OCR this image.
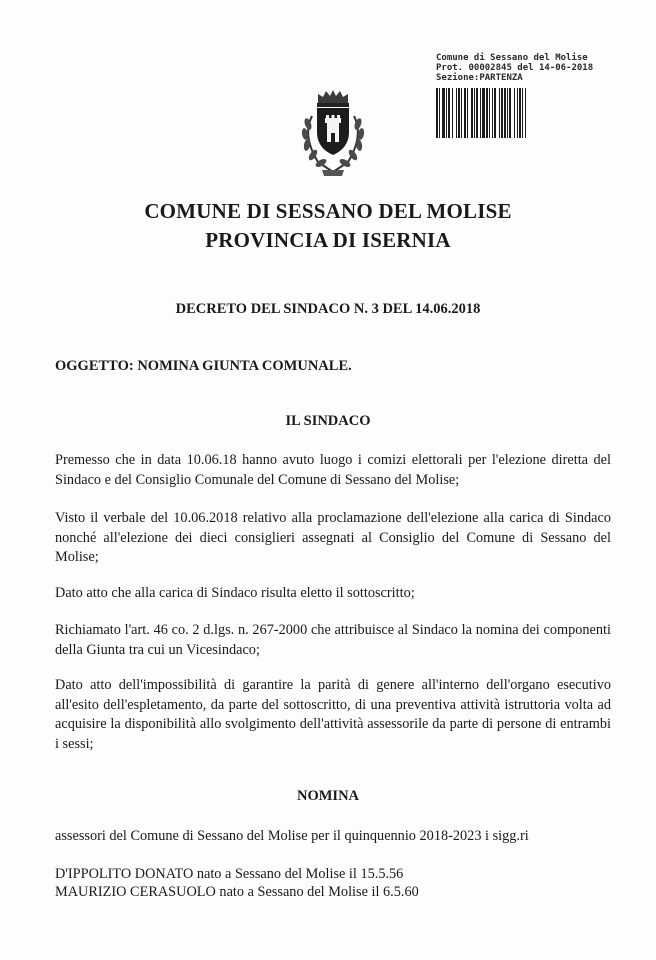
Comune di Sessano del Molise
Prot. 00002845 del 14-06-2018
Sezione:PARTENZA
COMUNE DI SESSANO DEL MOLISE
PROVINCIA DI ISERNIA
DECRETO DEL SINDACO N. 3 DEL 14.06.2018
OGGETTO: NOMINA GIUNTA COMUNALE.
IL SINDACO

Premesso che in data 10.06.18 hanno avuto luogo i comizi elettorali per l'elezione diretta del Sindaco e del Consiglio Comunale del Comune di Sessano del Molise;

Visto il verbale del 10.06.2018 relativo alla proclamazione dell'elezione alla carica di Sindaco nonché all'elezione dei dieci consiglieri assegnati al Consiglio del Comune di Sessano del Molise;

Dato atto che alla carica di Sindaco risulta eletto il sottoscritto;

Richiamato l'art. 46 co. 2 d.lgs. n. 267-2000 che attribuisce al Sindaco la nomina dei componenti della Giunta tra cui un Vicesindaco;

Dato atto dell'impossibilità di garantire la parità di genere all'interno dell'organo esecutivo all'esito dell'espletamento, da parte del sottoscritto, di una preventiva attività istruttoria volta ad acquisire la disponibilità allo svolgimento dell'attività assessorile da parte di persone di entrambi i sessi;

NOMINA
assessori del Comune di Sessano del Molise per il quinquennio 2018-2023 i sigg.ri
D'IPPOLITO DONATO nato a Sessano del Molise il 15.5.56
MAURIZIO CERASUOLO nato a Sessano del Molise il 6.5.60
